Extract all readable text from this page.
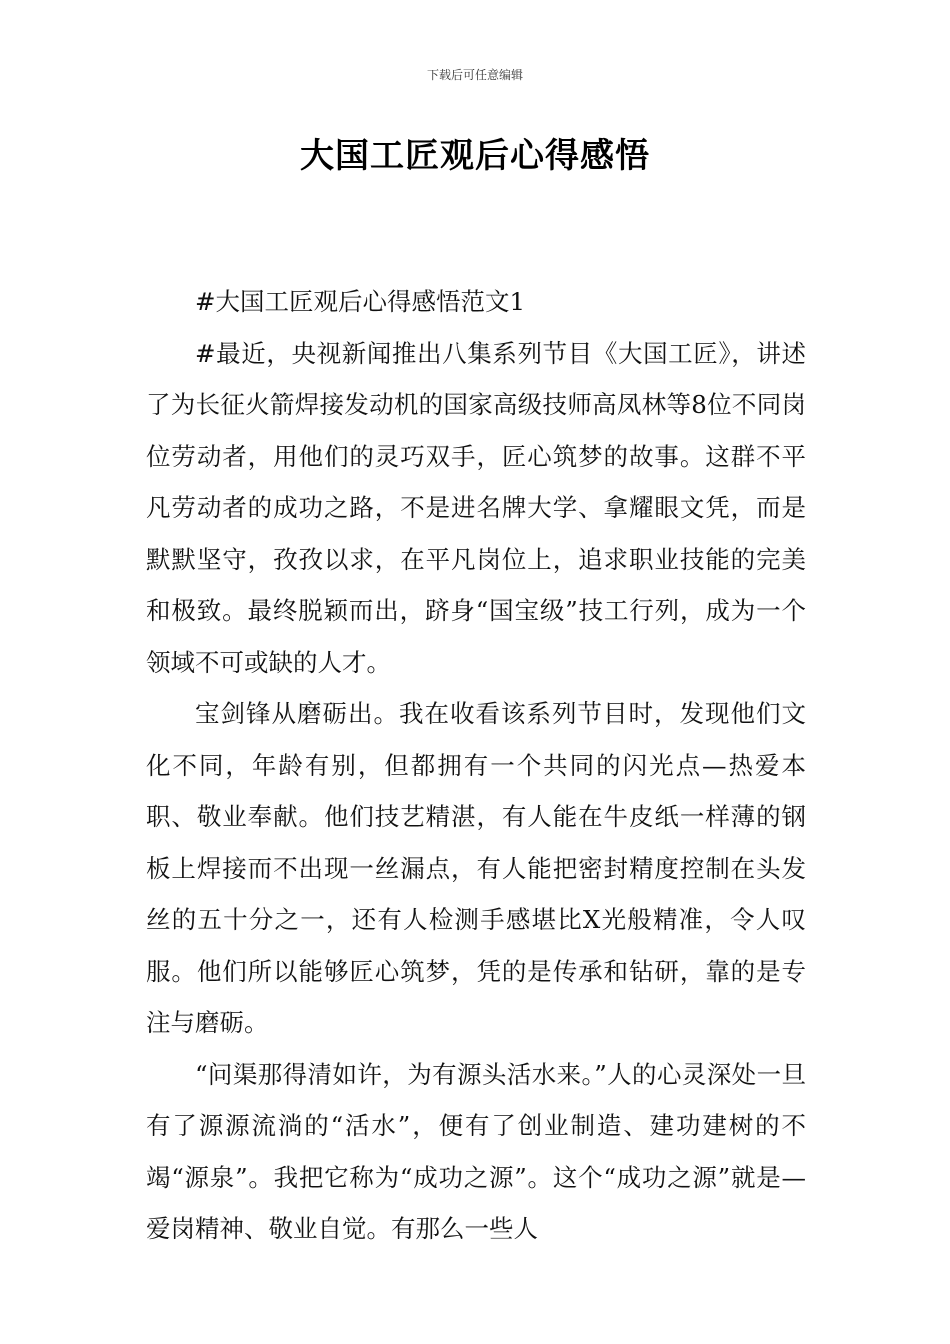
下载后可任意编辑
大国工匠观后心得感悟

#大国工匠观后心得感悟范文1

#最近，央视新闻推出八集系列节目《大国工匠》，讲述了为长征火箭焊接发动机的国家高级技师高凤林等8位不同岗位劳动者，用他们的灵巧双手，匠心筑梦的故事。这群不平凡劳动者的成功之路，不是进名牌大学、拿耀眼文凭，而是默默坚守，孜孜以求，在平凡岗位上，追求职业技能的完美和极致。最终脱颖而出，跻身“国宝级”技工行列，成为一个领域不可或缺的人才。

宝剑锋从磨砺出。我在收看该系列节目时，发现他们文化不同，年龄有别，但都拥有一个共同的闪光点—热爱本职、敬业奉献。他们技艺精湛，有人能在牛皮纸一样薄的钢板上焊接而不出现一丝漏点，有人能把密封精度控制在头发丝的五十分之一，还有人检测手感堪比X光般精准，令人叹服。他们所以能够匠心筑梦，凭的是传承和钻研，靠的是专注与磨砺。

“问渠那得清如许，为有源头活水来。”人的心灵深处一旦有了源源流淌的“活水”，便有了创业制造、建功建树的不竭“源泉”。我把它称为“成功之源”。这个“成功之源”就是—爱岗精神、敬业自觉。有那么一些人
